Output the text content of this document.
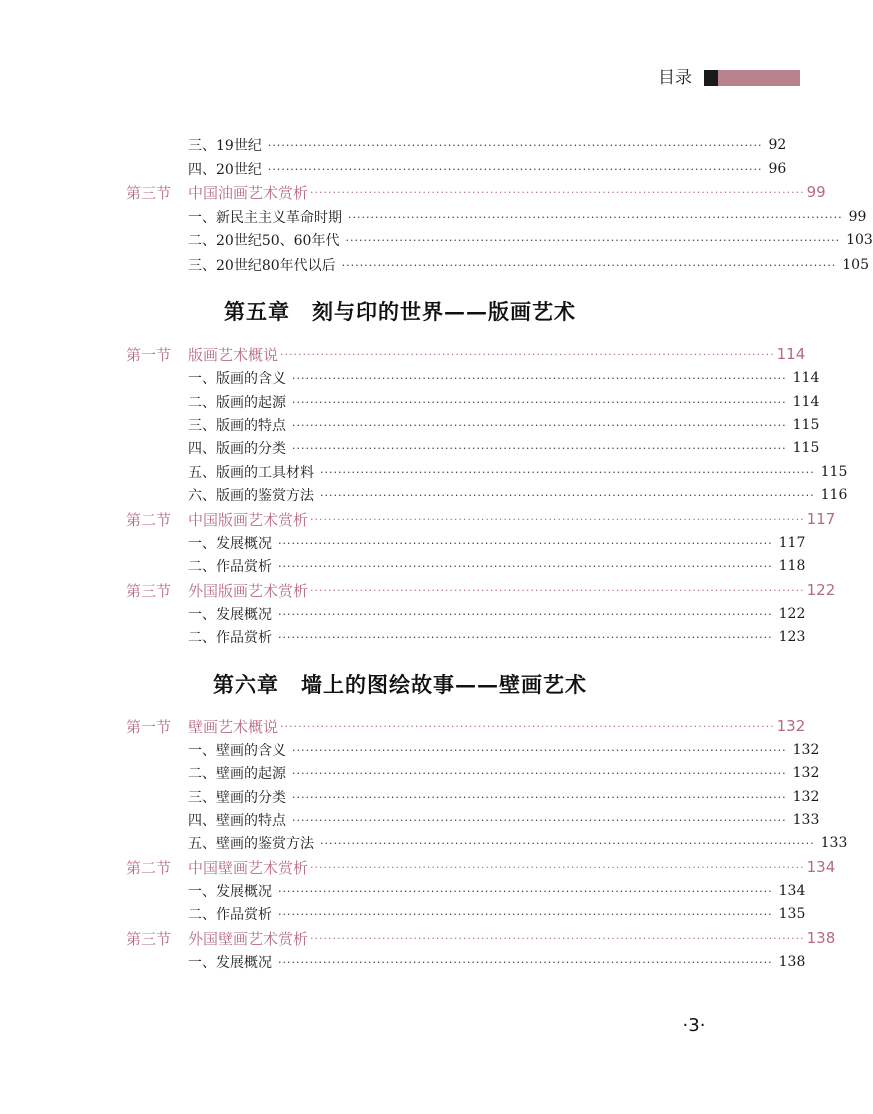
目录
三、19世纪 ·············································································································· 92
四、20世纪 ·············································································································· 96
第三节	中国油画艺术赏析 ·············································································································· 99
一、新民主主义革命时期 ·············································································································· 99
二、20世纪50、60年代 ·············································································································· 103
三、20世纪80年代以后 ·············································································································· 105
第五章　刻与印的世界——版画艺术
第一节	版画艺术概说 ·············································································································· 114
一、版画的含义 ·············································································································· 114
二、版画的起源 ·············································································································· 114
三、版画的特点 ·············································································································· 115
四、版画的分类 ·············································································································· 115
五、版画的工具材料 ·············································································································· 115
六、版画的鉴赏方法 ·············································································································· 116
第二节	中国版画艺术赏析 ·············································································································· 117
一、发展概况 ·············································································································· 117
二、作品赏析 ·············································································································· 118
第三节	外国版画艺术赏析 ·············································································································· 122
一、发展概况 ·············································································································· 122
二、作品赏析 ·············································································································· 123
第六章　墙上的图绘故事——壁画艺术
第一节	壁画艺术概说 ·············································································································· 132
一、壁画的含义 ·············································································································· 132
二、壁画的起源 ·············································································································· 132
三、壁画的分类 ·············································································································· 132
四、壁画的特点 ·············································································································· 133
五、壁画的鉴赏方法 ·············································································································· 133
第二节	中国壁画艺术赏析 ·············································································································· 134
一、发展概况 ·············································································································· 134
二、作品赏析 ·············································································································· 135
第三节	外国壁画艺术赏析 ·············································································································· 138
一、发展概况 ·············································································································· 138
·3·
